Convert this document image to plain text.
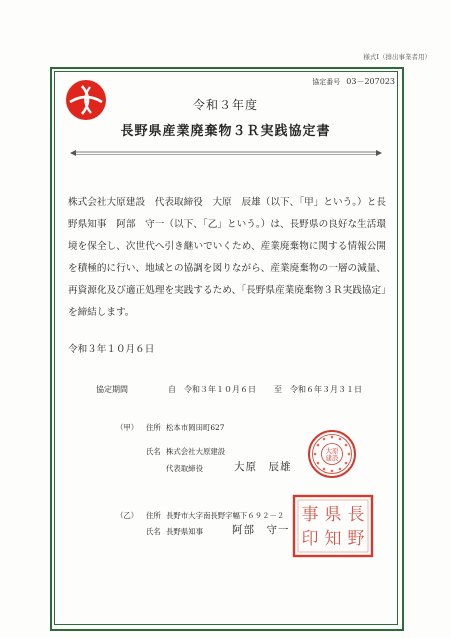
様式Ⅰ（排出事業者用）
協定番号 03－207023
令和３年度
長野県産業廃棄物３Ｒ実践協定書

株式会社大原建設　代表取締役　大原　辰雄（以下、「甲」という。）と長野県知事　阿部　守一（以下、「乙」という。）は、長野県の良好な生活環境を保全し、次世代へ引き継いでいくため、産業廃棄物に関する情報公開を積極的に行い、地域との協調を図りながら、産業廃棄物の一層の減量、再資源化及び適正処理を実践するため、「長野県産業廃棄物３Ｒ実践協定」を締結します。

令和３年１０月６日
協定期間	自 令和３年１０月６日 至 令和６年３月３１日
（甲） 住所 松本市岡田町627
氏名 株式会社大原建設
代表取締役	大原　辰雄
大原
建設
（乙） 住所 長野市大字南長野字幅下６９２－２
氏名 長野県知事	阿部　守一
長
野
県
知
事
印
